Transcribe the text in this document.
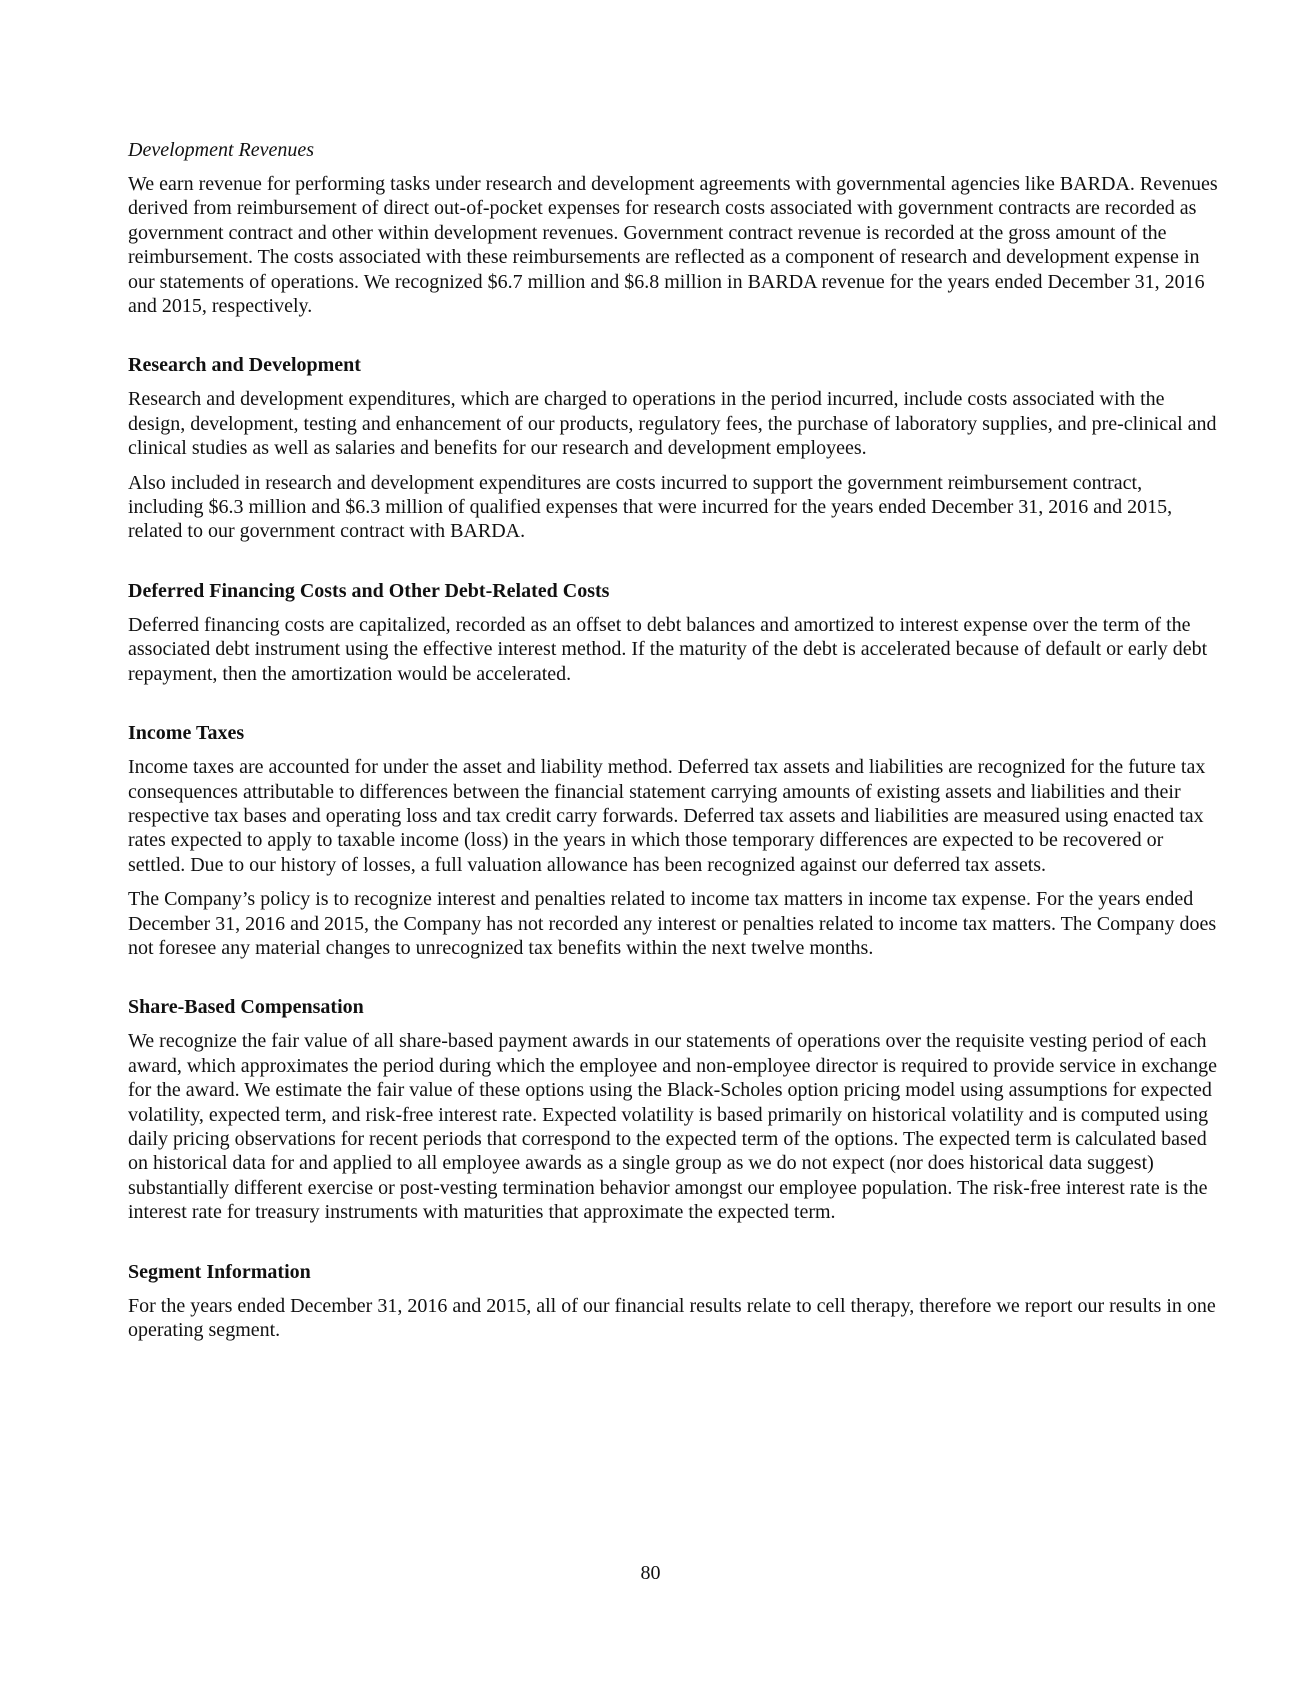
Development Revenues

We earn revenue for performing tasks under research and development agreements with governmental agencies like BARDA. Revenues derived from reimbursement of direct out-of-pocket expenses for research costs associated with government contracts are recorded as government contract and other within development revenues. Government contract revenue is recorded at the gross amount of the reimbursement. The costs associated with these reimbursements are reflected as a component of research and development expense in our statements of operations. We recognized $6.7 million and $6.8 million in BARDA revenue for the years ended December 31, 2016 and 2015, respectively.

Research and Development

Research and development expenditures, which are charged to operations in the period incurred, include costs associated with the design, development, testing and enhancement of our products, regulatory fees, the purchase of laboratory supplies, and pre-clinical and clinical studies as well as salaries and benefits for our research and development employees.

Also included in research and development expenditures are costs incurred to support the government reimbursement contract, including $6.3 million and $6.3 million of qualified expenses that were incurred for the years ended December 31, 2016 and 2015, related to our government contract with BARDA.

Deferred Financing Costs and Other Debt-Related Costs

Deferred financing costs are capitalized, recorded as an offset to debt balances and amortized to interest expense over the term of the associated debt instrument using the effective interest method. If the maturity of the debt is accelerated because of default or early debt repayment, then the amortization would be accelerated.

Income Taxes

Income taxes are accounted for under the asset and liability method. Deferred tax assets and liabilities are recognized for the future tax consequences attributable to differences between the financial statement carrying amounts of existing assets and liabilities and their respective tax bases and operating loss and tax credit carry forwards. Deferred tax assets and liabilities are measured using enacted tax rates expected to apply to taxable income (loss) in the years in which those temporary differences are expected to be recovered or settled. Due to our history of losses, a full valuation allowance has been recognized against our deferred tax assets.

The Company’s policy is to recognize interest and penalties related to income tax matters in income tax expense. For the years ended December 31, 2016 and 2015, the Company has not recorded any interest or penalties related to income tax matters. The Company does not foresee any material changes to unrecognized tax benefits within the next twelve months.

Share-Based Compensation

We recognize the fair value of all share-based payment awards in our statements of operations over the requisite vesting period of each award, which approximates the period during which the employee and non-employee director is required to provide service in exchange for the award. We estimate the fair value of these options using the Black-Scholes option pricing model using assumptions for expected volatility, expected term, and risk-free interest rate. Expected volatility is based primarily on historical volatility and is computed using daily pricing observations for recent periods that correspond to the expected term of the options. The expected term is calculated based on historical data for and applied to all employee awards as a single group as we do not expect (nor does historical data suggest) substantially different exercise or post-vesting termination behavior amongst our employee population. The risk-free interest rate is the interest rate for treasury instruments with maturities that approximate the expected term.

Segment Information

For the years ended December 31, 2016 and 2015, all of our financial results relate to cell therapy, therefore we report our results in one operating segment.

80
